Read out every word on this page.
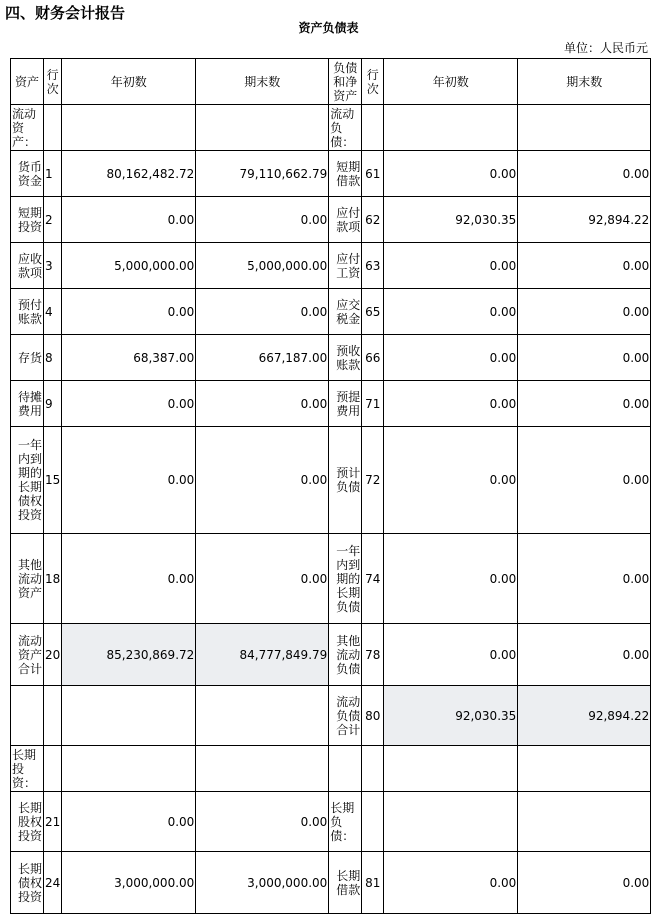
四、财务会计报告
资产负债表
单位：人民币元
资产	行次	年初数	期末数	负债和净资产	行次	年初数	期末数
流动资产：				流动负债：			
货币资金	1	80,162,482.72	79,110,662.79	短期借款	61	0.00	0.00
短期投资	2	0.00	0.00	应付款项	62	92,030.35	92,894.22
应收款项	3	5,000,000.00	5,000,000.00	应付工资	63	0.00	0.00
预付账款	4	0.00	0.00	应交税金	65	0.00	0.00
存货	8	68,387.00	667,187.00	预收账款	66	0.00	0.00
待摊费用	9	0.00	0.00	预提费用	71	0.00	0.00
一年内到期的长期债权投资	15	0.00	0.00	预计负债	72	0.00	0.00
其他流动资产	18	0.00	0.00	一年内到期的长期负债	74	0.00	0.00
流动资产合计	20	85,230,869.72	84,777,849.79	其他流动负债	78	0.00	0.00
				流动负债合计	80	92,030.35	92,894.22
长期投资：							
长期股权投资	21	0.00	0.00	长期负债：			
长期债权投资	24	3,000,000.00	3,000,000.00	长期借款	81	0.00	0.00
